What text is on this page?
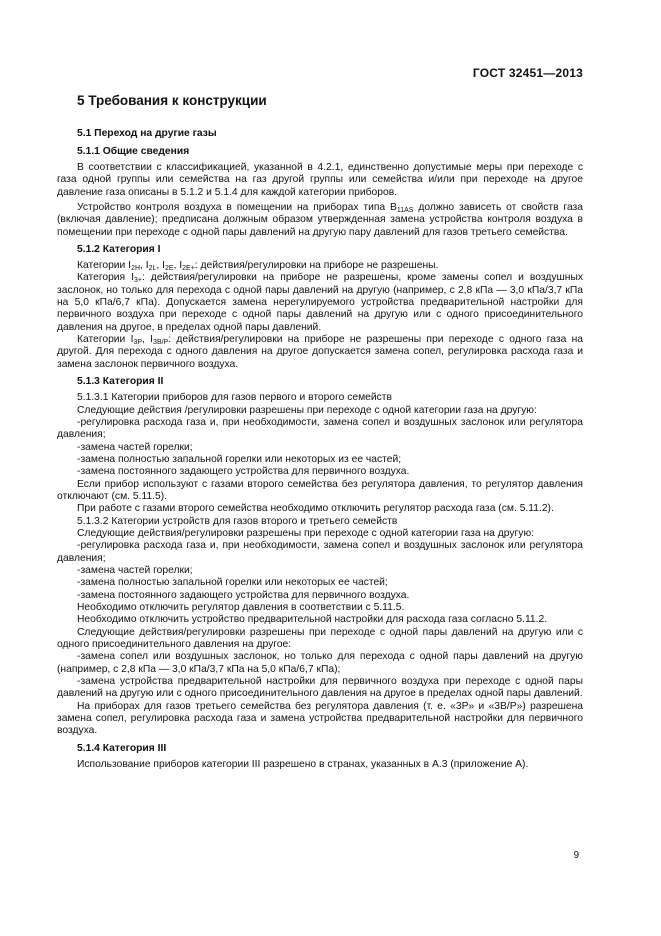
ГОСТ 32451—2013
5 Требования к конструкции
5.1 Переход на другие газы
5.1.1 Общие сведения

В соответствии с классификацией, указанной в 4.2.1, единственно допустимые меры при переходе с газа одной группы или семейства на газ другой группы или семейства и/или при переходе на другое давление газа описаны в 5.1.2 и 5.1.4 для каждой категории приборов.

Устройство контроля воздуха в помещении на приборах типа $B_{11AS}$ должно зависеть от свойств газа (включая давление); предписана должным образом утвержденная замена устройства контроля воздуха в помещении при переходе с одной пары давлений на другую пару давлений для газов третьего семейства.

5.1.2 Категория I

Категории $I_{2H}$, $I_{2L}$, $I_{2E}$, $I_{2E+}$: действия/регулировки на приборе не разрешены.

Категория $I_{3+}$: действия/регулировки на приборе не разрешены, кроме замены сопел и воздушных заслонок, но только для перехода с одной пары давлений на другую (например, с 2,8 кПа — 3,0 кПа/3,7 кПа на 5,0 кПа/6,7 кПа). Допускается замена нерегулируемого устройства предварительной настройки для первичного воздуха при переходе с одной пары давлений на другую или с одного присоединительного давления на другое, в пределах одной пары давлений.

Категории $I_{3P}$, $I_{3B/P}$: действия/регулировки на приборе не разрешены при переходе с одного газа на другой. Для перехода с одного давления на другое допускается замена сопел, регулировка расхода газа и замена заслонок первичного воздуха.

5.1.3 Категория II
5.1.3.1 Категории приборов для газов первого и второго семейств

Следующие действия /регулировки разрешены при переходе с одной категории газа на другую:

-регулировка расхода газа и, при необходимости, замена сопел и воздушных заслонок или регулятора давления;

-замена частей горелки;

-замена полностью запальной горелки или некоторых из ее частей;

-замена постоянного задающего устройства для первичного воздуха.

Если прибор используют с газами второго семейства без регулятора давления, то регулятор давления отключают (см. 5.11.5).

При работе с газами второго семейства необходимо отключить регулятор расхода газа (см. 5.11.2).

5.1.3.2 Категории устройств для газов второго и третьего семейств

Следующие действия/регулировки разрешены при переходе с одной категории газа на другую:

-регулировка расхода газа и, при необходимости, замена сопел и воздушных заслонок или регулятора давления;

-замена частей горелки;

-замена полностью запальной горелки или некоторых ее частей;

-замена постоянного задающего устройства для первичного воздуха.

Необходимо отключить регулятор давления в соответствии с 5.11.5.

Необходимо отключить устройство предварительной настройки для расхода газа согласно 5.11.2.

Следующие действия/регулировки разрешены при переходе с одной пары давлений на другую или с одного присоединительного давления на другое:

-замена сопел или воздушных заслонок, но только для перехода с одной пары давлений на другую (например, с 2,8 кПа — 3,0 кПа/3,7 кПа на 5,0 кПа/6,7 кПа);

-замена устройства предварительной настройки для первичного воздуха при переходе с одной пары давлений на другую или с одного присоединительного давления на другое в пределах одной пары давлений.

На приборах для газов третьего семейства без регулятора давления (т. е. «3P» и «3B/P») разрешена замена сопел, регулировка расхода газа и замена устройства предварительной настройки для первичного воздуха.

5.1.4 Категория III

Использование приборов категории III разрешено в странах, указанных в А.3 (приложение А).

9
